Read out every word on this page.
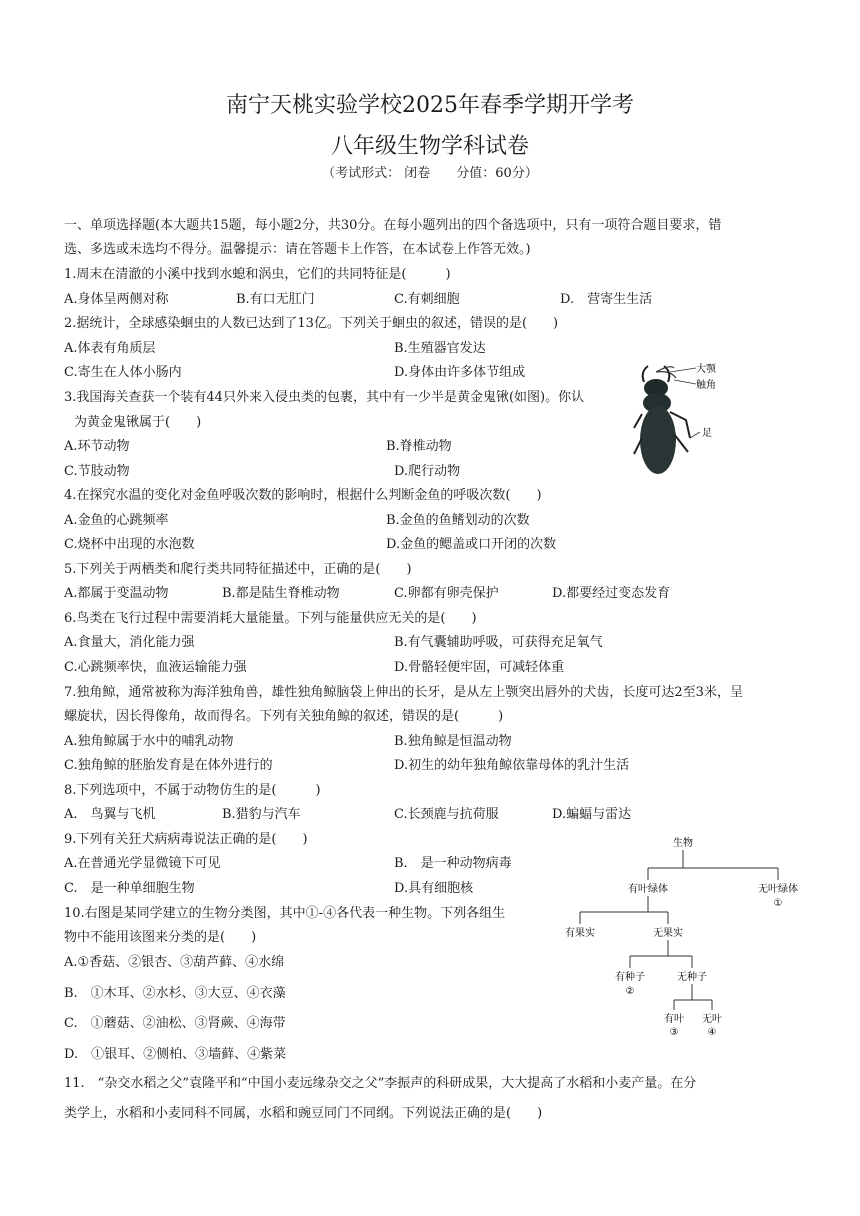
南宁天桃实验学校2025年春季学期开学考
八年级生物学科试卷
（考试形式： 闭卷　　分值：60分）
一、单项选择题(本大题共15题，每小题2分，共30分。在每小题列出的四个备选项中，只有一项符合题目要求，错
选、多选或未选均不得分。温馨提示：请在答题卡上作答，在本试卷上作答无效。)
1.周末在清澈的小溪中找到水螅和涡虫，它们的共同特征是(　　　)
A.身体呈两侧对称	B.有口无肛门	C.有刺细胞	D.　营寄生生活
2.据统计，全球感染蛔虫的人数已达到了13亿。下列关于蛔虫的叙述，错误的是(　　)
A.体表有角质层	B.生殖器官发达
C.寄生在人体小肠内	D.身体由许多体节组成
3.我国海关查获一个装有44只外来入侵虫类的包裹，其中有一少半是黄金鬼锹(如图)。你认
为黄金鬼锹属于(　　)
A.环节动物	B.脊椎动物
C.节肢动物	D.爬行动物
大颚
触角
足
4.在探究水温的变化对金鱼呼吸次数的影响时，根据什么判断金鱼的呼吸次数(　　)
A.金鱼的心跳频率	B.金鱼的鱼鳍划动的次数
C.烧杯中出现的水泡数	D.金鱼的鳃盖或口开闭的次数
5.下列关于两栖类和爬行类共同特征描述中，正确的是(　　)
A.都属于变温动物	B.都是陆生脊椎动物	C.卵都有卵壳保护	D.都要经过变态发育
6.鸟类在飞行过程中需要消耗大量能量。下列与能量供应无关的是(　　)
A.食量大，消化能力强	B.有气囊辅助呼吸，可获得充足氧气
C.心跳频率快，血液运输能力强	D.骨骼轻便牢固，可减轻体重
7.独角鲸，通常被称为海洋独角兽，雄性独角鲸脑袋上伸出的长牙，是从左上颚突出唇外的犬齿，长度可达2至3米，呈
螺旋状，因长得像角，故而得名。下列有关独角鲸的叙述，错误的是(　　　)
A.独角鲸属于水中的哺乳动物	B.独角鲸是恒温动物
C.独角鲸的胚胎发育是在体外进行的	D.初生的幼年独角鲸依靠母体的乳汁生活
8.下列选项中，不属于动物仿生的是(　　　)
A.　鸟翼与飞机	B.猎豹与汽车	C.长颈鹿与抗荷服	D.蝙蝠与雷达
9.下列有关狂犬病病毒说法正确的是(　　)
A.在普通光学显微镜下可见	B.　是一种动物病毒
C.　是一种单细胞生物	D.具有细胞核
10.右图是某同学建立的生物分类图，其中①-④各代表一种生物。下列各组生
物中不能用该图来分类的是(　　)
A.①香菇、②银杏、③葫芦藓、④水绵
B.　①木耳、②水杉、③大豆、④衣藻
C.　①蘑菇、②油松、③肾蕨、④海带
D.　①银耳、②侧柏、③墙藓、④紫菜
生物
有叶绿体	无叶绿体
①
有果实	无果实
有种子
②
无种子
有叶
③
无叶
④
11.　“杂交水稻之父”袁隆平和“中国小麦远缘杂交之父”李振声的科研成果，大大提高了水稻和小麦产量。在分
类学上，水稻和小麦同科不同属，水稻和豌豆同门不同纲。下列说法正确的是(　　)
